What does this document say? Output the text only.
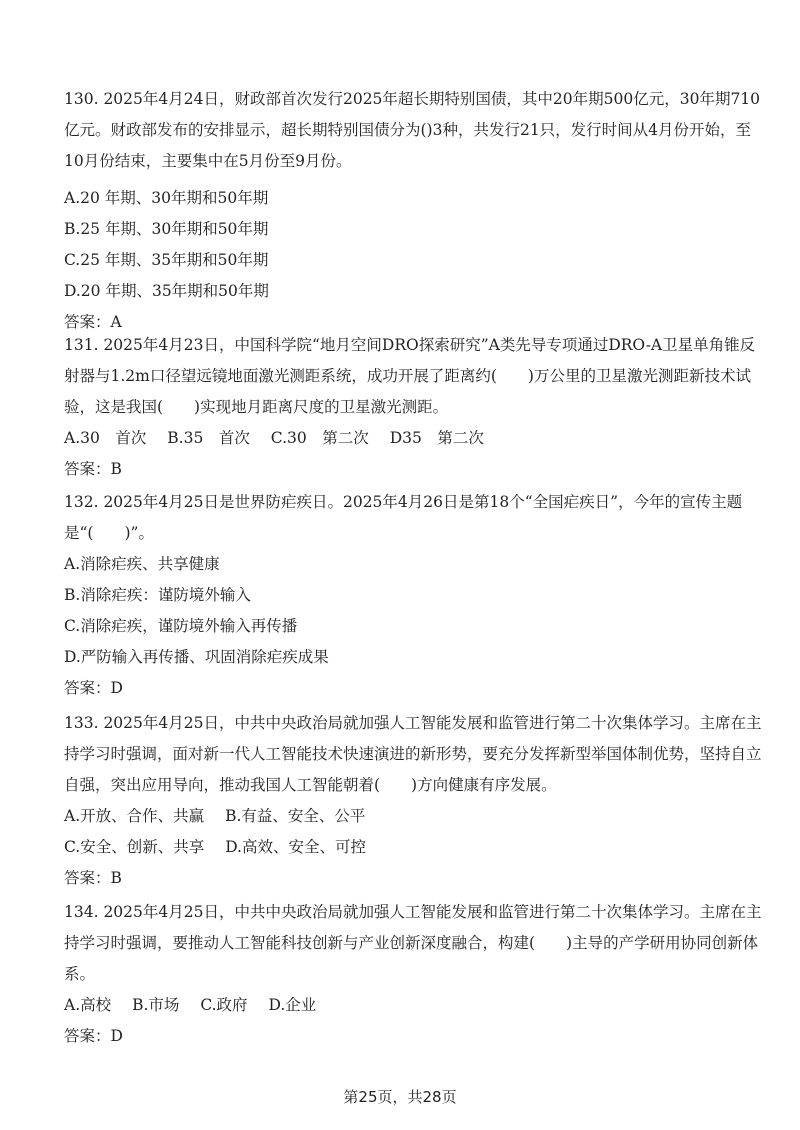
130. 2025年4月24日，财政部首次发行2025年超长期特别国债，其中20年期500亿元，30年期710亿元。财政部发布的安排显示，超长期特别国债分为()3种，共发行21只，发行时间从4月份开始，至10月份结束，主要集中在5月份至9月份。

A.20 年期、30年期和50年期

B.25 年期、30年期和50年期

C.25 年期、35年期和50年期

D.20 年期、35年期和50年期

答案：A

131. 2025年4月23日，中国科学院“地月空间DRO探索研究”A类先导专项通过DRO-A卫星单角锥反射器与1.2m口径望远镜地面激光测距系统，成功开展了距离约(　　)万公里的卫星激光测距新技术试验，这是我国(　　)实现地月距离尺度的卫星激光测距。

A.30　首次 B.35　首次 C.30　第二次 D35　第二次

答案：B

132. 2025年4月25日是世界防疟疾日。2025年4月26日是第18个“全国疟疾日”，今年的宣传主题是“(　　)”。

A.消除疟疾、共享健康

B.消除疟疾：谨防境外输入

C.消除疟疾，谨防境外输入再传播

D.严防输入再传播、巩固消除疟疾成果

答案：D

133. 2025年4月25日，中共中央政治局就加强人工智能发展和监管进行第二十次集体学习。主席在主持学习时强调，面对新一代人工智能技术快速演进的新形势，要充分发挥新型举国体制优势，坚持自立自强，突出应用导向，推动我国人工智能朝着(　　)方向健康有序发展。

A.开放、合作、共赢 B.有益、安全、公平

C.安全、创新、共享 D.高效、安全、可控

答案：B

134. 2025年4月25日，中共中央政治局就加强人工智能发展和监管进行第二十次集体学习。主席在主持学习时强调，要推动人工智能科技创新与产业创新深度融合，构建(　　)主导的产学研用协同创新体系。

A.高校 B.市场 C.政府 D.企业

答案：D

第25页，共28页
